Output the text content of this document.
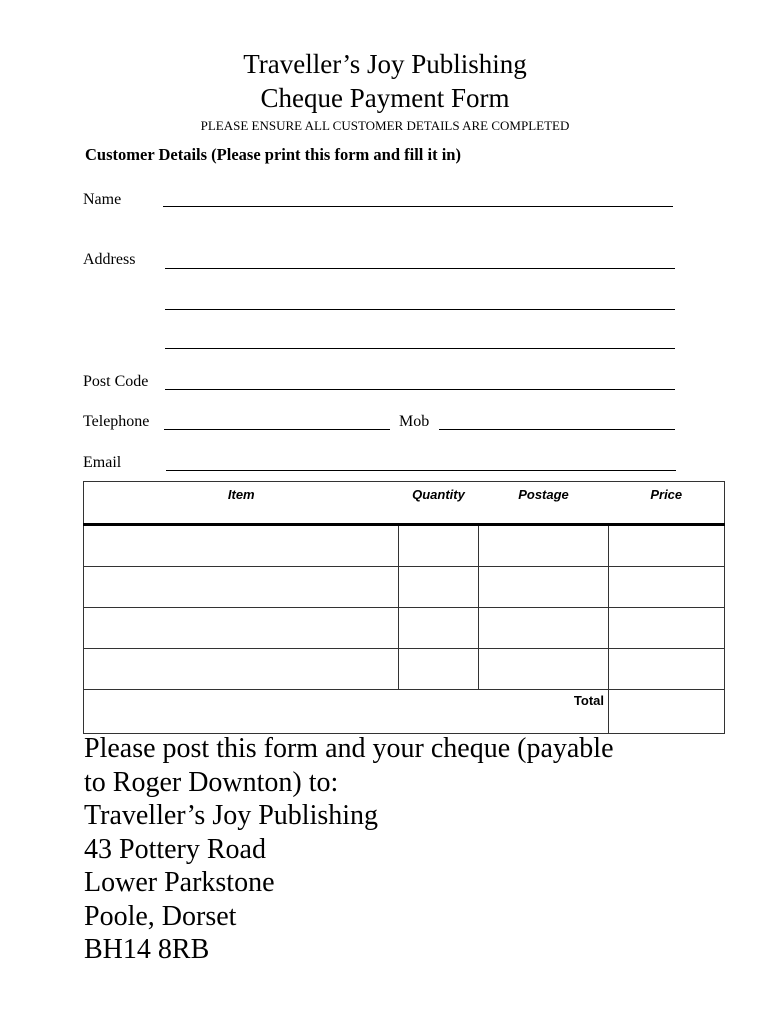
Traveller’s Joy Publishing
Cheque Payment Form
PLEASE ENSURE ALL CUSTOMER DETAILS ARE COMPLETED
Customer Details (Please print this form and fill it in)
Name
Address
Post Code
Telephone	Mob
Email
Item	Quantity	Postage	Price

Total			
Please post this form and your cheque (payable
to Roger Downton) to:
Traveller’s Joy Publishing
43 Pottery Road
Lower Parkstone
Poole, Dorset
BH14 8RB
